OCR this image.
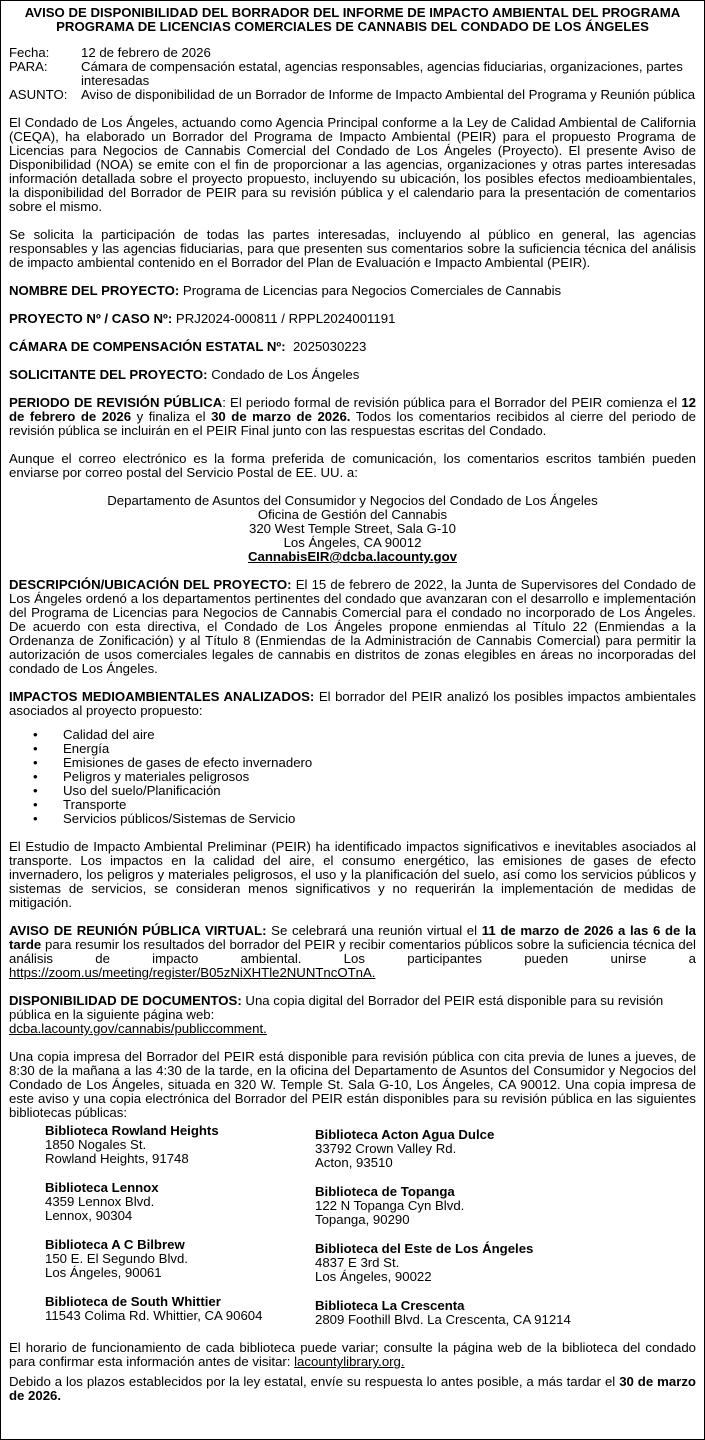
AVISO DE DISPONIBILIDAD DEL BORRADOR DEL INFORME DE IMPACTO AMBIENTAL DEL PROGRAMA
PROGRAMA DE LICENCIAS COMERCIALES DE CANNABIS DEL CONDADO DE LOS ÁNGELES
Fecha:	12 de febrero de 2026
PARA:	Cámara de compensación estatal, agencias responsables, agencias fiduciarias, organizaciones, partes interesadas
ASUNTO:	Aviso de disponibilidad de un Borrador de Informe de Impacto Ambiental del Programa y Reunión pública

El Condado de Los Ángeles, actuando como Agencia Principal conforme a la Ley de Calidad Ambiental de California (CEQA), ha elaborado un Borrador del Programa de Impacto Ambiental (PEIR) para el propuesto Programa de Licencias para Negocios de Cannabis Comercial del Condado de Los Ángeles (Proyecto). El presente Aviso de Disponibilidad (NOA) se emite con el fin de proporcionar a las agencias, organizaciones y otras partes interesadas información detallada sobre el proyecto propuesto, incluyendo su ubicación, los posibles efectos medioambientales, la disponibilidad del Borrador de PEIR para su revisión pública y el calendario para la presentación de comentarios sobre el mismo.

Se solicita la participación de todas las partes interesadas, incluyendo al público en general, las agencias responsables y las agencias fiduciarias, para que presenten sus comentarios sobre la suficiencia técnica del análisis de impacto ambiental contenido en el Borrador del Plan de Evaluación e Impacto Ambiental (PEIR).

NOMBRE DEL PROYECTO: Programa de Licencias para Negocios Comerciales de Cannabis

PROYECTO Nº / CASO Nº: PRJ2024-000811 / RPPL2024001191

CÁMARA DE COMPENSACIÓN ESTATAL Nº:  2025030223

SOLICITANTE DEL PROYECTO: Condado de Los Ángeles

PERIODO DE REVISIÓN PÚBLICA: El periodo formal de revisión pública para el Borrador del PEIR comienza el 12 de febrero de 2026 y finaliza el 30 de marzo de 2026. Todos los comentarios recibidos al cierre del periodo de revisión pública se incluirán en el PEIR Final junto con las respuestas escritas del Condado.

Aunque el correo electrónico es la forma preferida de comunicación, los comentarios escritos también pueden enviarse por correo postal del Servicio Postal de EE. UU. a:

Departamento de Asuntos del Consumidor y Negocios del Condado de Los Ángeles
Oficina de Gestión del Cannabis
320 West Temple Street, Sala G-10
Los Ángeles, CA 90012
CannabisEIR@dcba.lacounty.gov

DESCRIPCIÓN/UBICACIÓN DEL PROYECTO: El 15 de febrero de 2022, la Junta de Supervisores del Condado de Los Ángeles ordenó a los departamentos pertinentes del condado que avanzaran con el desarrollo e implementación del Programa de Licencias para Negocios de Cannabis Comercial para el condado no incorporado de Los Ángeles. De acuerdo con esta directiva, el Condado de Los Ángeles propone enmiendas al Título 22 (Enmiendas a la Ordenanza de Zonificación) y al Título 8 (Enmiendas de la Administración de Cannabis Comercial) para permitir la autorización de usos comerciales legales de cannabis en distritos de zonas elegibles en áreas no incorporadas del condado de Los Ángeles.

IMPACTOS MEDIOAMBIENTALES ANALIZADOS: El borrador del PEIR analizó los posibles impactos ambientales asociados al proyecto propuesto:

• Calidad del aire
• Energía
• Emisiones de gases de efecto invernadero
• Peligros y materiales peligrosos
• Uso del suelo/Planificación
• Transporte
• Servicios públicos/Sistemas de Servicio

El Estudio de Impacto Ambiental Preliminar (PEIR) ha identificado impactos significativos e inevitables asociados al transporte. Los impactos en la calidad del aire, el consumo energético, las emisiones de gases de efecto invernadero, los peligros y materiales peligrosos, el uso y la planificación del suelo, así como los servicios públicos y sistemas de servicios, se consideran menos significativos y no requerirán la implementación de medidas de mitigación.

AVISO DE REUNIÓN PÚBLICA VIRTUAL: Se celebrará una reunión virtual el 11 de marzo de 2026 a las 6 de la tarde para resumir los resultados del borrador del PEIR y recibir comentarios públicos sobre la suficiencia técnica del análisis de impacto ambiental. Los participantes pueden unirse a https://zoom.us/meeting/register/B05zNiXHTle2NUNTncOTnA.

DISPONIBILIDAD DE DOCUMENTOS: Una copia digital del Borrador del PEIR está disponible para su revisión pública en la siguiente página web:
dcba.lacounty.gov/cannabis/publiccomment.

Una copia impresa del Borrador del PEIR está disponible para revisión pública con cita previa de lunes a jueves, de 8:30 de la mañana a las 4:30 de la tarde, en la oficina del Departamento de Asuntos del Consumidor y Negocios del Condado de Los Ángeles, situada en 320 W. Temple St. Sala G-10, Los Ángeles, CA 90012. Una copia impresa de este aviso y una copia electrónica del Borrador del PEIR están disponibles para su revisión pública en las siguientes bibliotecas públicas:

Biblioteca Rowland Heights
1850 Nogales St.
Rowland Heights, 91748
Biblioteca Lennox
4359 Lennox Blvd.
Lennox, 90304
Biblioteca A C Bilbrew
150 E. El Segundo Blvd.
Los Ángeles, 90061
Biblioteca de South Whittier
11543 Colima Rd. Whittier, CA 90604
Biblioteca Acton Agua Dulce
33792 Crown Valley Rd.
Acton, 93510
Biblioteca de Topanga
122 N Topanga Cyn Blvd.
Topanga, 90290
Biblioteca del Este de Los Ángeles
4837 E 3rd St.
Los Ángeles, 90022
Biblioteca La Crescenta
2809 Foothill Blvd. La Crescenta, CA 91214

El horario de funcionamiento de cada biblioteca puede variar; consulte la página web de la biblioteca del condado para confirmar esta información antes de visitar: lacountylibrary.org.

Debido a los plazos establecidos por la ley estatal, envíe su respuesta lo antes posible, a más tardar el 30 de marzo de 2026.
